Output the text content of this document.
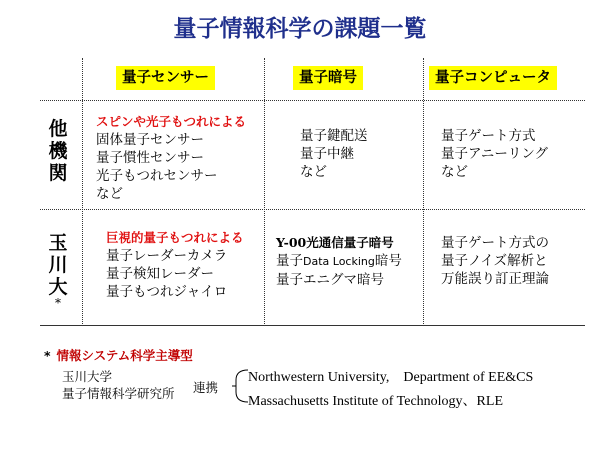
量子情報科学の課題一覧
量子センサー	量子暗号	量子コンピュータ
他
機
関
スピンや光子もつれによる
固体量子センサー
量子慣性センサー
光子もつれセンサー
など
量子鍵配送
量子中継
など
量子ゲート方式
量子アニーリング
など
玉
川
大
*
巨視的量子もつれによる
量子レーダーカメラ
量子検知レーダー
量子もつれジャイロ
Y-00光通信量子暗号
量子Data Locking暗号
量子エニグマ暗号
量子ゲート方式の
量子ノイズ解析と
万能誤り訂正理論
* 情報システム科学主導型
玉川大学
量子情報科学研究所 連携
Northwestern University,　Department of EE&CS
Massachusetts Institute of Technology、RLE
